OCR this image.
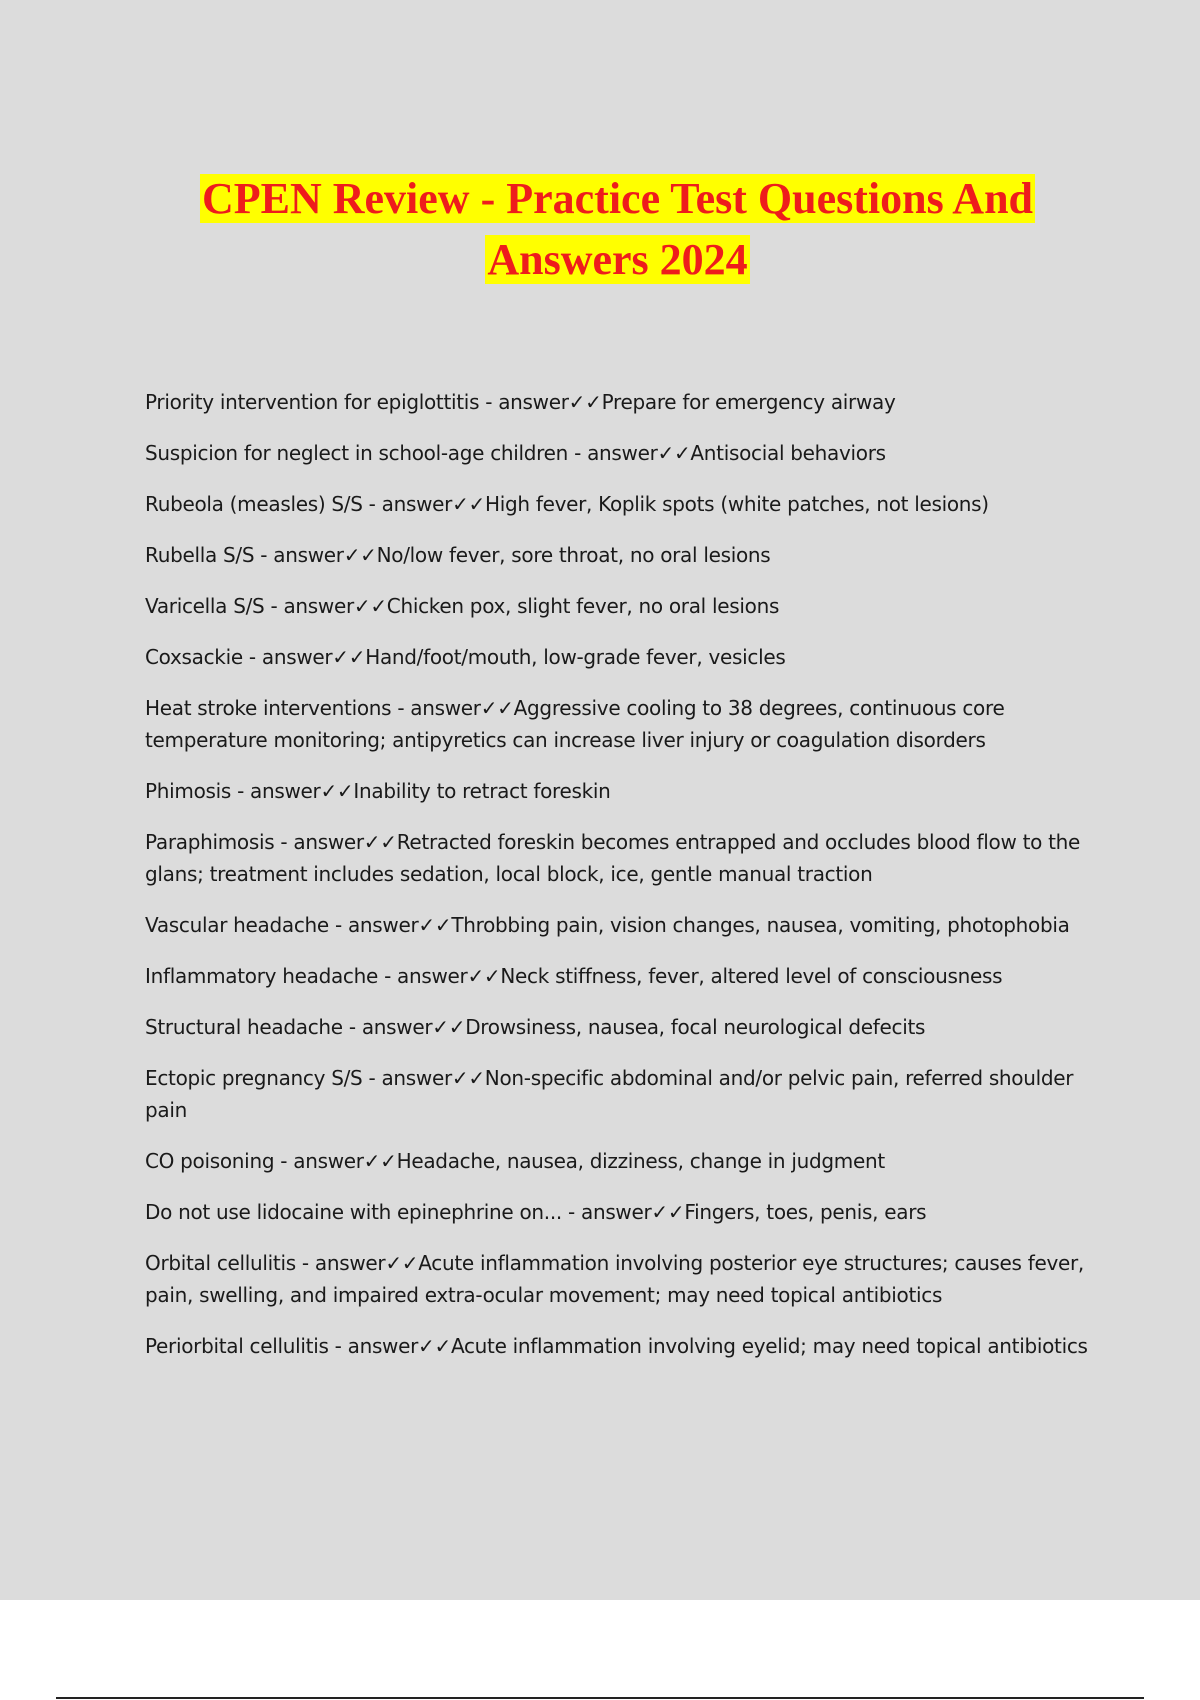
CPEN Review - Practice Test Questions And
Answers 2024
Priority intervention for epiglottitis - answer✓✓Prepare for emergency airway
Suspicion for neglect in school-age children - answer✓✓Antisocial behaviors
Rubeola (measles) S/S - answer✓✓High fever, Koplik spots (white patches, not lesions)
Rubella S/S - answer✓✓No/low fever, sore throat, no oral lesions
Varicella S/S - answer✓✓Chicken pox, slight fever, no oral lesions
Coxsackie - answer✓✓Hand/foot/mouth, low-grade fever, vesicles
Heat stroke interventions - answer✓✓Aggressive cooling to 38 degrees, continuous core temperature monitoring; antipyretics can increase liver injury or coagulation disorders
Phimosis - answer✓✓Inability to retract foreskin
Paraphimosis - answer✓✓Retracted foreskin becomes entrapped and occludes blood flow to the glans; treatment includes sedation, local block, ice, gentle manual traction
Vascular headache - answer✓✓Throbbing pain, vision changes, nausea, vomiting, photophobia
Inflammatory headache - answer✓✓Neck stiffness, fever, altered level of consciousness
Structural headache - answer✓✓Drowsiness, nausea, focal neurological defecits
Ectopic pregnancy S/S - answer✓✓Non-specific abdominal and/or pelvic pain, referred shoulder pain
CO poisoning - answer✓✓Headache, nausea, dizziness, change in judgment
Do not use lidocaine with epinephrine on... - answer✓✓Fingers, toes, penis, ears
Orbital cellulitis - answer✓✓Acute inflammation involving posterior eye structures; causes fever, pain, swelling, and impaired extra-ocular movement; may need topical antibiotics
Periorbital cellulitis - answer✓✓Acute inflammation involving eyelid; may need topical antibiotics
